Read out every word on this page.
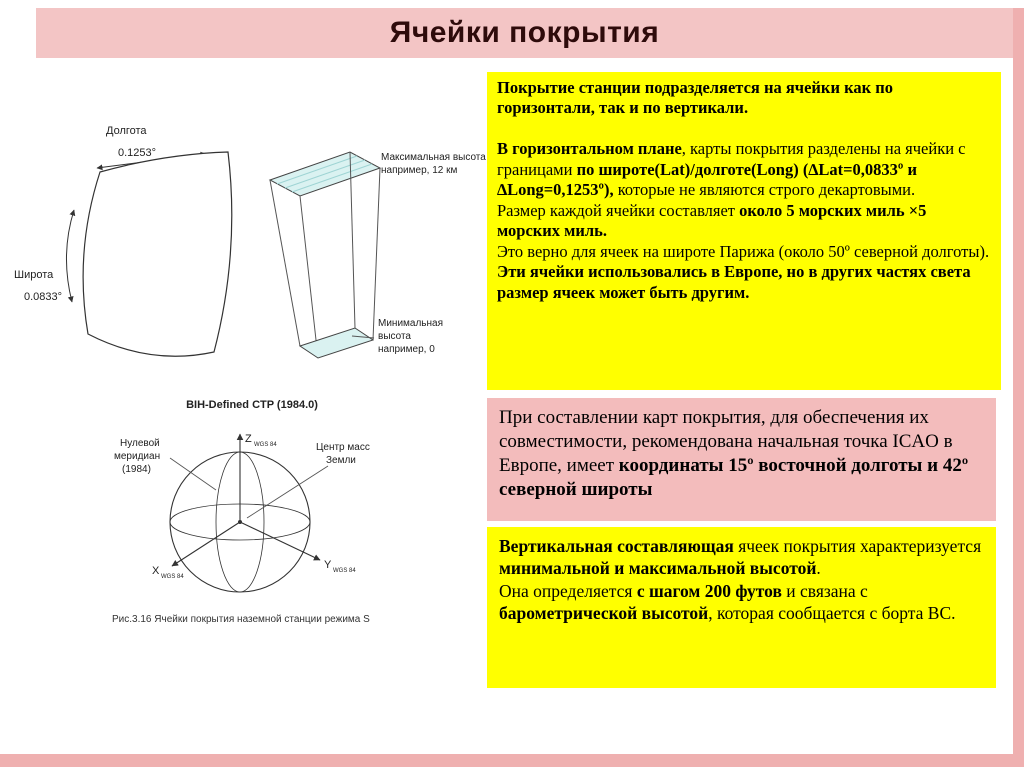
Ячейки покрытия
Покрытие станции подразделяется на ячейки как по горизонтали, так и по вертикали.

В горизонтальном плане, карты покрытия разделены на ячейки с границами по широте(Lat)/долготе(Long) (∆Lat=0,0833º и ∆Long=0,1253º), которые не являются строго декартовыми.
Размер каждой ячейки составляет около 5 морских миль ×5 морских миль.
Это верно для ячеек на широте Парижа (около 50º северной долготы).
Эти ячейки использовались в Европе, но в других частях света размер ячеек может быть другим.
При составлении карт покрытия, для обеспечения их совместимости, рекомендована начальная точка ICAO в Европе, имеет координаты 15º восточной долготы и 42º северной широты
Вертикальная составляющая ячеек покрытия характеризуется минимальной и максимальной высотой.
Она определяется с шагом 200 футов и связана с барометрической высотой, которая сообщается с борта ВС.
Долгота
0.1253°
Широта
0.0833°
Максимальная высота
например, 12 км
Минимальная
высота
например, 0
BIH-Defined CTP (1984.0)
Z WGS 84
X WGS 84
Y WGS 84
Нулевой
меридиан
(1984)
Центр масс
Земли
Рис.3.16 Ячейки покрытия наземной станции режима S
